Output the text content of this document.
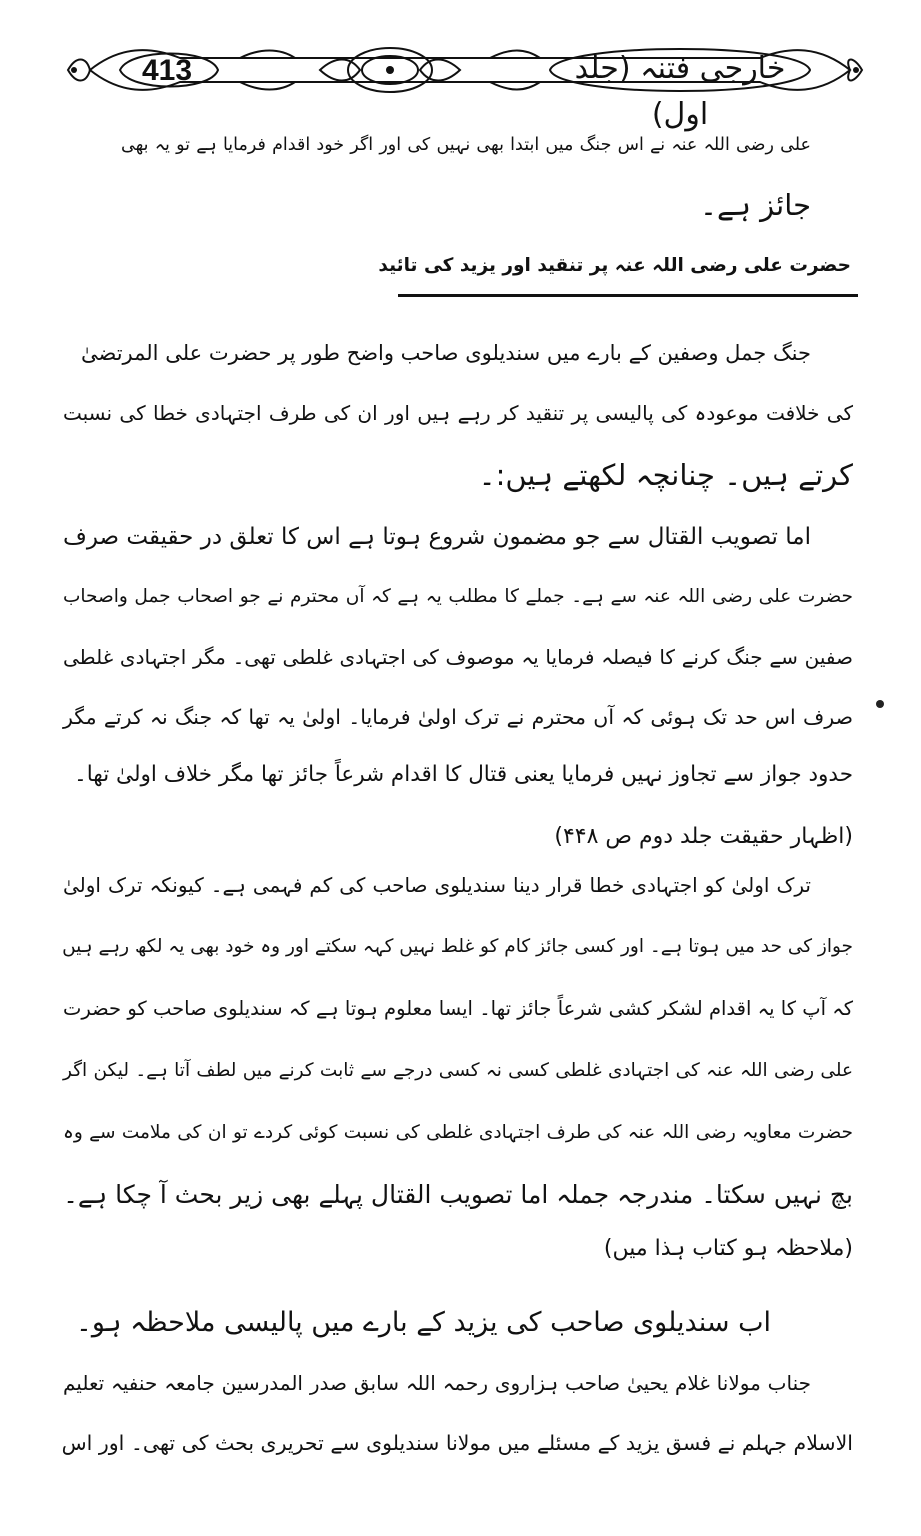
413	خارجی فتنہ (جلد اول)
علی رضی اللہ عنہ نے اس جنگ میں ابتدا بھی نہیں کی اور اگر خود اقدام فرمایا ہے تو یہ بھی
جائز ہے۔
حضرت علی رضی اللہ عنہ پر تنقید اور یزید کی تائید
جنگ جمل وصفین کے بارے میں سندیلوی صاحب واضح طور پر حضرت علی المرتضیٰ
کی خلافت موعودہ کی پالیسی پر تنقید کر رہے ہیں اور ان کی طرف اجتہادی خطا کی نسبت
کرتے ہیں۔ چنانچہ لکھتے ہیں:۔
اما تصویب القتال سے جو مضمون شروع ہوتا ہے اس کا تعلق در حقیقت صرف
حضرت علی رضی اللہ عنہ سے ہے۔ جملے کا مطلب یہ ہے کہ آں محترم نے جو اصحاب جمل واصحاب
صفین سے جنگ کرنے کا فیصلہ فرمایا یہ موصوف کی اجتہادی غلطی تھی۔ مگر اجتہادی غلطی
صرف اس حد تک ہوئی کہ آں محترم نے ترک اولیٰ فرمایا۔ اولیٰ یہ تھا کہ جنگ نہ کرتے مگر
حدود جواز سے تجاوز نہیں فرمایا یعنی قتال کا اقدام شرعاً جائز تھا مگر خلاف اولیٰ تھا۔
(اظہار حقیقت جلد دوم ص ۴۴۸)
ترک اولیٰ کو اجتہادی خطا قرار دینا سندیلوی صاحب کی کم فہمی ہے۔ کیونکہ ترک اولیٰ
جواز کی حد میں ہوتا ہے۔ اور کسی جائز کام کو غلط نہیں کہہ سکتے اور وہ خود بھی یہ لکھ رہے ہیں
کہ آپ کا یہ اقدام لشکر کشی شرعاً جائز تھا۔ ایسا معلوم ہوتا ہے کہ سندیلوی صاحب کو حضرت
علی رضی اللہ عنہ کی اجتہادی غلطی کسی نہ کسی درجے سے ثابت کرنے میں لطف آتا ہے۔ لیکن اگر
حضرت معاویہ رضی اللہ عنہ کی طرف اجتہادی غلطی کی نسبت کوئی کردے تو ان کی ملامت سے وہ
بچ نہیں سکتا۔ مندرجہ جملہ اما تصویب القتال پہلے بھی زیر بحث آ چکا ہے۔
(ملاحظہ ہو کتاب ہذا میں)
اب سندیلوی صاحب کی یزید کے بارے میں پالیسی ملاحظہ ہو۔
جناب مولانا غلام یحییٰ صاحب ہزاروی رحمہ اللہ سابق صدر المدرسین جامعہ حنفیہ تعلیم
الاسلام جہلم نے فسق یزید کے مسئلے میں مولانا سندیلوی سے تحریری بحث کی تھی۔ اور اس
